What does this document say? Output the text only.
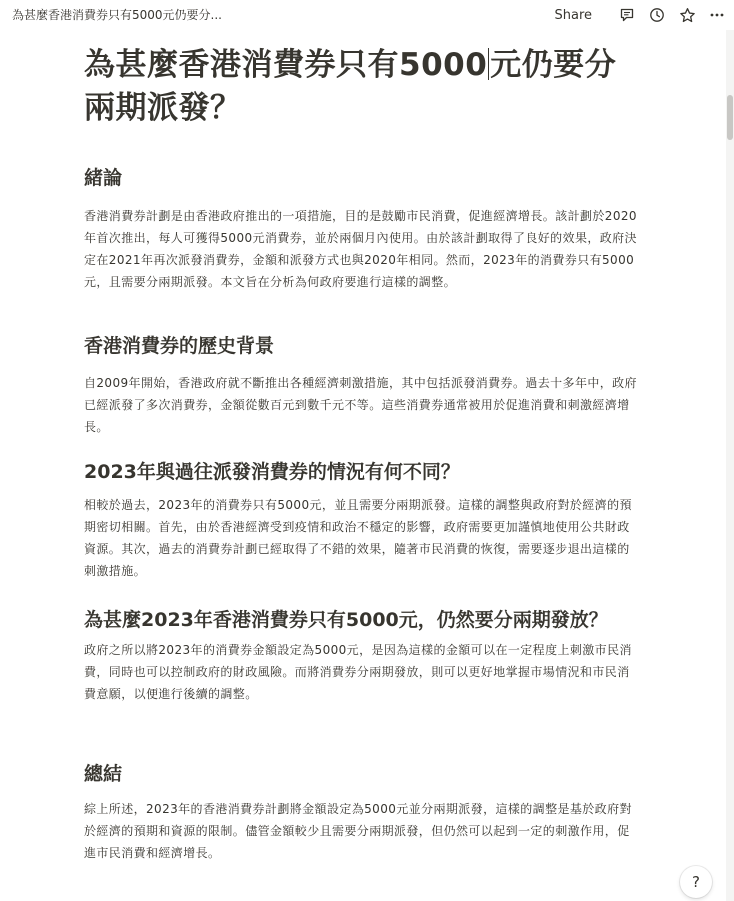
為甚麼香港消費券只有5000元仍要分...	Share
為甚麼香港消費券只有5000元仍要分兩期派發？
緒論

香港消費券計劃是由香港政府推出的一項措施，目的是鼓勵市民消費，促進經濟增長。該計劃於2020年首次推出，每人可獲得5000元消費券，並於兩個月內使用。由於該計劃取得了良好的效果，政府決定在2021年再次派發消費券，金額和派發方式也與2020年相同。然而，2023年的消費券只有5000元，且需要分兩期派發。本文旨在分析為何政府要進行這樣的調整。

香港消費券的歷史背景

自2009年開始，香港政府就不斷推出各種經濟刺激措施，其中包括派發消費券。過去十多年中，政府已經派發了多次消費券，金額從數百元到數千元不等。這些消費券通常被用於促進消費和刺激經濟增長。

2023年與過往派發消費券的情況有何不同？

相較於過去，2023年的消費券只有5000元，並且需要分兩期派發。這樣的調整與政府對於經濟的預期密切相關。首先，由於香港經濟受到疫情和政治不穩定的影響，政府需要更加謹慎地使用公共財政資源。其次，過去的消費券計劃已經取得了不錯的效果，隨著市民消費的恢復，需要逐步退出這樣的刺激措施。

為甚麼2023年香港消費券只有5000元，仍然要分兩期發放？

政府之所以將2023年的消費券金額設定為5000元，是因為這樣的金額可以在一定程度上刺激市民消費，同時也可以控制政府的財政風險。而將消費券分兩期發放，則可以更好地掌握市場情況和市民消費意願，以便進行後續的調整。

總結

綜上所述，2023年的香港消費券計劃將金額設定為5000元並分兩期派發，這樣的調整是基於政府對於經濟的預期和資源的限制。儘管金額較少且需要分兩期派發，但仍然可以起到一定的刺激作用，促進市民消費和經濟增長。

?
